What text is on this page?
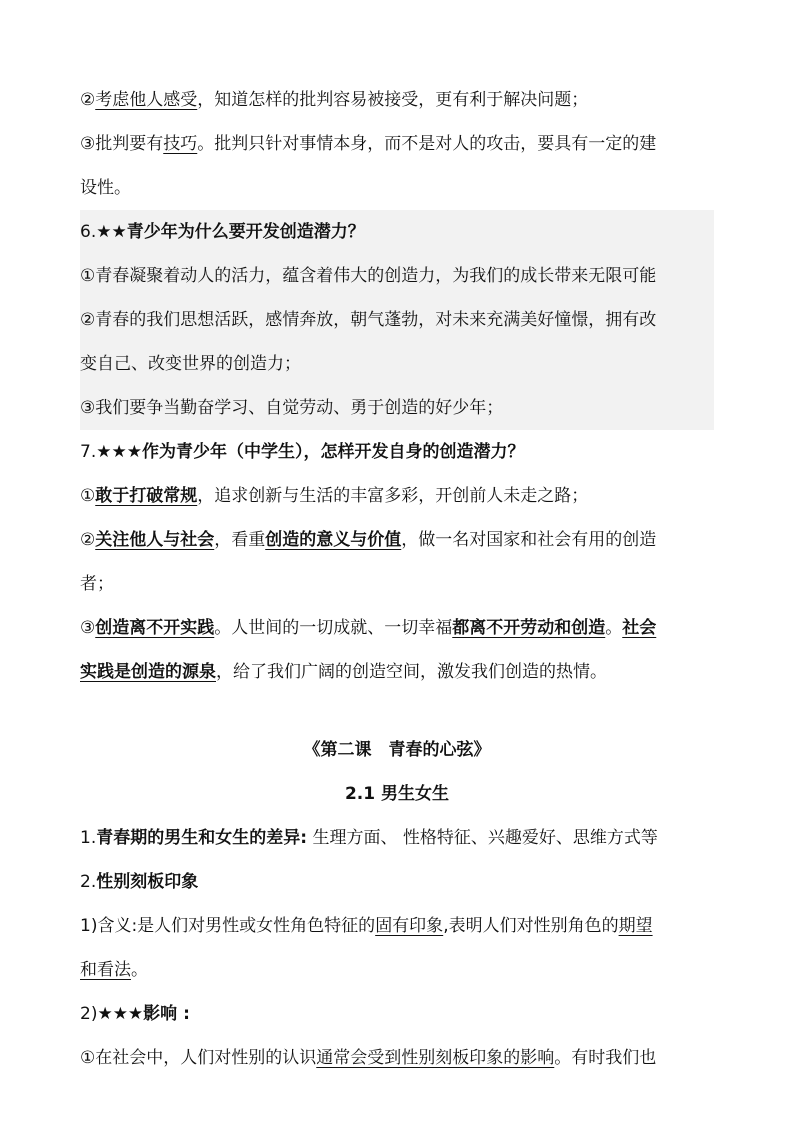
②考虑他人感受，知道怎样的批判容易被接受，更有利于解决问题；
③批判要有技巧。批判只针对事情本身，而不是对人的攻击，要具有一定的建
设性。
6.★★青少年为什么要开发创造潜力？
①青春凝聚着动人的活力，蕴含着伟大的创造力，为我们的成长带来无限可能
②青春的我们思想活跃，感情奔放，朝气蓬勃，对未来充满美好憧憬，拥有改
变自己、改变世界的创造力；
③我们要争当勤奋学习、自觉劳动、勇于创造的好少年；
7.★★★作为青少年（中学生），怎样开发自身的创造潜力？
①敢于打破常规，追求创新与生活的丰富多彩，开创前人未走之路；
②关注他人与社会，看重创造的意义与价值，做一名对国家和社会有用的创造
者；
③创造离不开实践。人世间的一切成就、一切幸福都离不开劳动和创造。社会
实践是创造的源泉，给了我们广阔的创造空间，激发我们创造的热情。
《第二课　青春的心弦》
2.1 男生女生
1.青春期的男生和女生的差异: 生理方面、 性格特征、兴趣爱好、思维方式等
2.性别刻板印象
1)含义:是人们对男性或女性角色特征的固有印象,表明人们对性别角色的期望
和看法。
2)★★★影响 :
①在社会中，人们对性别的认识通常会受到性别刻板印象的影响。有时我们也
